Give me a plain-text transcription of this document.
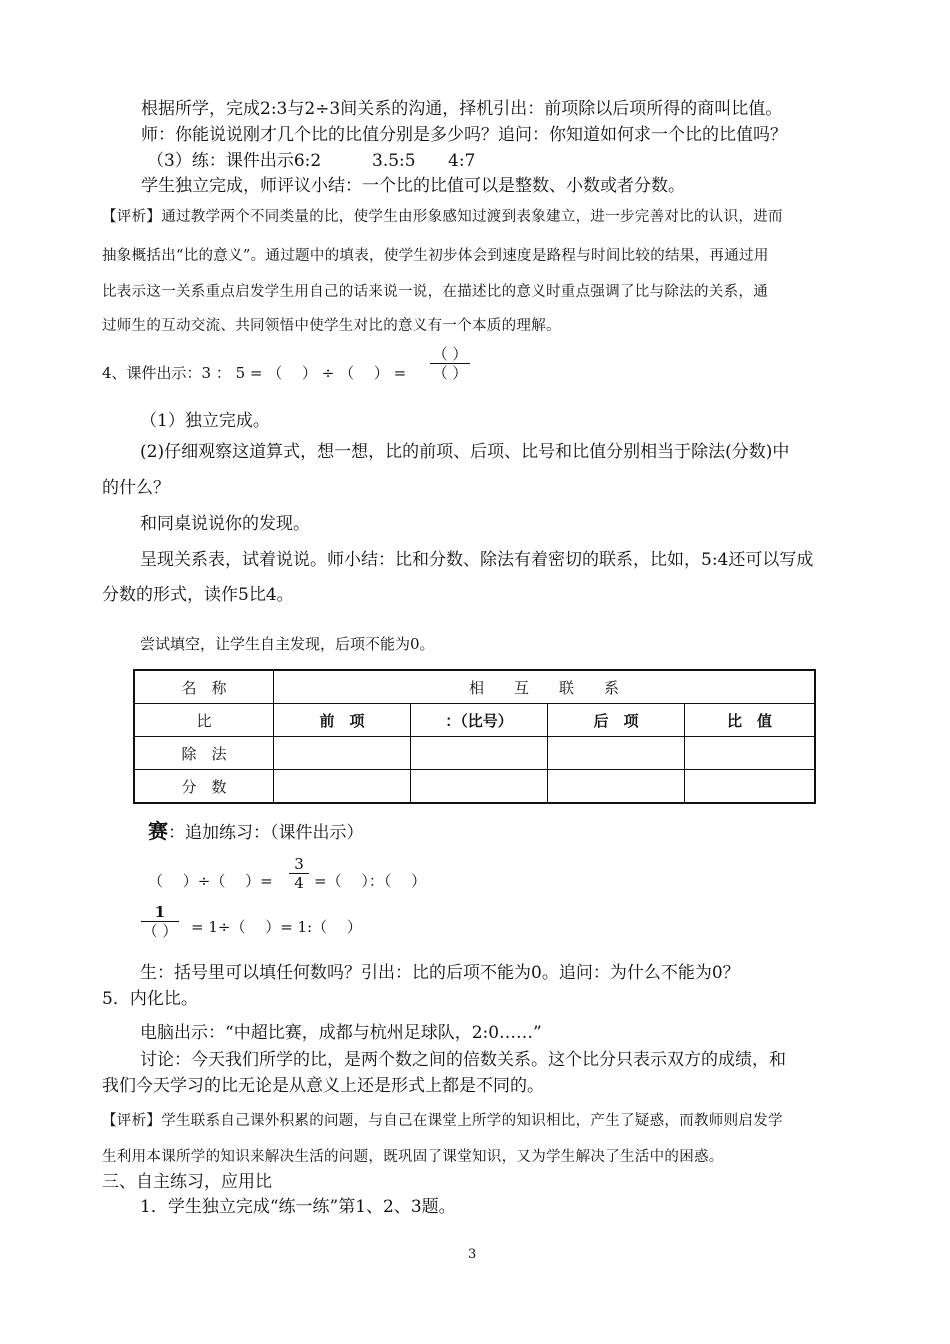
根据所学，完成2:3与2÷3间关系的沟通，择机引出：前项除以后项所得的商叫比值。
师：你能说说刚才几个比的比值分别是多少吗？追问：你知道如何求一个比的比值吗？
（3）练：课件出示6:2	3.5:5 4:7
学生独立完成，师评议小结：一个比的比值可以是整数、小数或者分数。
【评析】通过教学两个不同类量的比，使学生由形象感知过渡到表象建立，进一步完善对比的认识，进而
抽象概括出“比的意义”。通过题中的填表，使学生初步体会到速度是路程与时间比较的结果，再通过用
比表示这一关系重点启发学生用自己的话来说一说，在描述比的意义时重点强调了比与除法的关系，通
过师生的互动交流、共同领悟中使学生对比的意义有一个本质的理解。
4、课件出示：3 ： 5 = （　 ） ÷ （　 ） =
（ ）
（ ）
（1）独立完成。
(2)仔细观察这道算式，想一想，比的前项、后项、比号和比值分别相当于除法(分数)中
的什么？
和同桌说说你的发现。
呈现关系表，试着说说。师小结：比和分数、除法有着密切的联系，比如，5:4还可以写成
分数的形式，读作5比4。
尝试填空，让学生自主发现，后项不能为0。
名　称	相　　互　　联　　系			
比	前　项	：（比号）	后　项	比　值
除　法				
分　数				
赛：追加练习：（课件出示）
（　 ）÷（　 ）=
3
4 =（　 ）：（　 ）
1
（ ） = 1÷（　 ）= 1:（　 ）
生：括号里可以填任何数吗？引出：比的后项不能为0。追问：为什么不能为0？
5．内化比。
电脑出示：“中超比赛，成都与杭州足球队，2:0……”
讨论：今天我们所学的比，是两个数之间的倍数关系。这个比分只表示双方的成绩，和
我们今天学习的比无论是从意义上还是形式上都是不同的。
【评析】学生联系自己课外积累的问题，与自己在课堂上所学的知识相比，产生了疑惑，而教师则启发学
生利用本课所学的知识来解决生活的问题，既巩固了课堂知识，又为学生解决了生活中的困惑。
三、自主练习，应用比
1．学生独立完成“练一练”第1、2、3题。
3
